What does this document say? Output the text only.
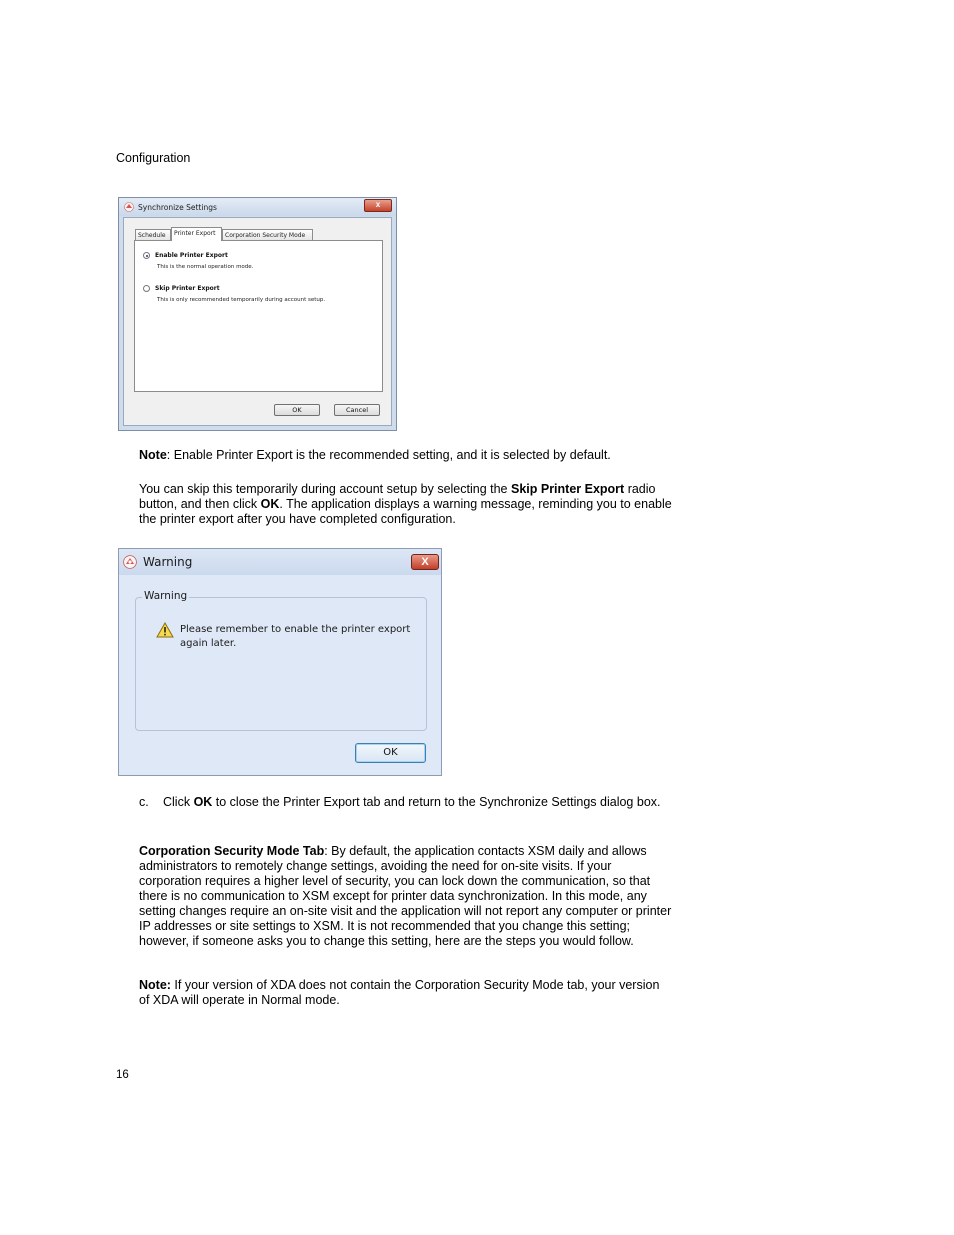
Configuration
Synchronize Settings	x
Schedule	Printer Export	Corporation Security Mode
Enable Printer Export
This is the normal operation mode.
Skip Printer Export
This is only recommended temporarily during account setup.
OK	Cancel
Note: Enable Printer Export is the recommended setting, and it is selected by default.
You can skip this temporarily during account setup by selecting the Skip Printer Export radio button, and then click OK. The application displays a warning message, reminding you to enable the printer export after you have completed configuration.
Warning	X
Warning
Please remember to enable the printer export again later.
OK
c. Click OK to close the Printer Export tab and return to the Synchronize Settings dialog box.
Corporation Security Mode Tab: By default, the application contacts XSM daily and allows administrators to remotely change settings, avoiding the need for on-site visits. If your corporation requires a higher level of security, you can lock down the communication, so that there is no communication to XSM except for printer data synchronization. In this mode, any setting changes require an on-site visit and the application will not report any computer or printer IP addresses or site settings to XSM. It is not recommended that you change this setting; however, if someone asks you to change this setting, here are the steps you would follow.
Note: If your version of XDA does not contain the Corporation Security Mode tab, your version of XDA will operate in Normal mode.
16
